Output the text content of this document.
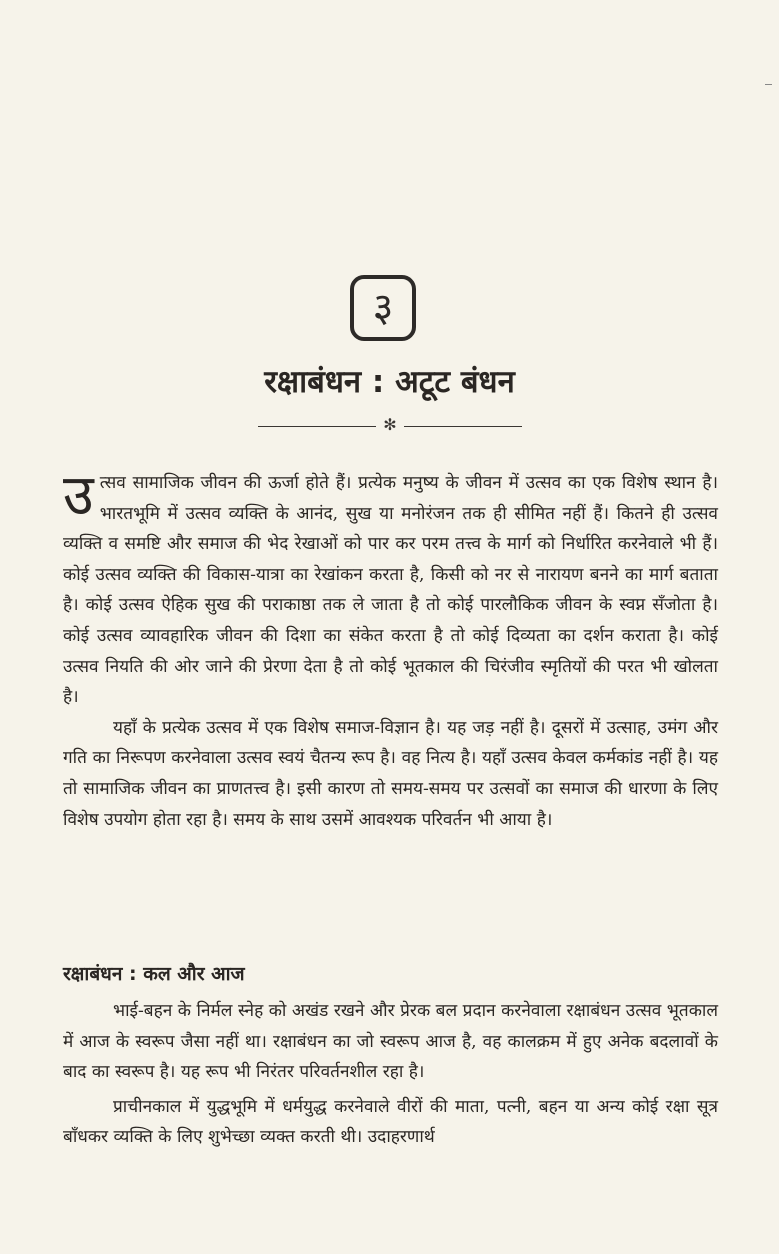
३
रक्षाबंधन : अटूट बंधन
✻

उत्सव सामाजिक जीवन की ऊर्जा होते हैं। प्रत्येक मनुष्य के जीवन में उत्सव का एक विशेष स्थान है। भारतभूमि में उत्सव व्यक्ति के आनंद, सुख या मनोरंजन तक ही सीमित नहीं हैं। कितने ही उत्सव व्यक्ति व समष्टि और समाज की भेद रेखाओं को पार कर परम तत्त्व के मार्ग को निर्धारित करनेवाले भी हैं। कोई उत्सव व्यक्ति की विकास-यात्रा का रेखांकन करता है, किसी को नर से नारायण बनने का मार्ग बताता है। कोई उत्सव ऐहिक सुख की पराकाष्ठा तक ले जाता है तो कोई पारलौकिक जीवन के स्वप्न सँजोता है। कोई उत्सव व्यावहारिक जीवन की दिशा का संकेत करता है तो कोई दिव्यता का दर्शन कराता है। कोई उत्सव नियति की ओर जाने की प्रेरणा देता है तो कोई भूतकाल की चिरंजीव स्मृतियों की परत भी खोलता है।

यहाँ के प्रत्येक उत्सव में एक विशेष समाज-विज्ञान है। यह जड़ नहीं है। दूसरों में उत्साह, उमंग और गति का निरूपण करनेवाला उत्सव स्वयं चैतन्य रूप है। वह नित्य है। यहाँ उत्सव केवल कर्मकांड नहीं है। यह तो सामाजिक जीवन का प्राणतत्त्व है। इसी कारण तो समय-समय पर उत्सवों का समाज की धारणा के लिए विशेष उपयोग होता रहा है। समय के साथ उसमें आवश्यक परिवर्तन भी आया है।

रक्षाबंधन : कल और आज

भाई-बहन के निर्मल स्नेह को अखंड रखने और प्रेरक बल प्रदान करनेवाला रक्षाबंधन उत्सव भूतकाल में आज के स्वरूप जैसा नहीं था। रक्षाबंधन का जो स्वरूप आज है, वह कालक्रम में हुए अनेक बदलावों के बाद का स्वरूप है। यह रूप भी निरंतर परिवर्तनशील रहा है।

प्राचीनकाल में युद्धभूमि में धर्मयुद्ध करनेवाले वीरों की माता, पत्नी, बहन या अन्य कोई रक्षा सूत्र बाँधकर व्यक्ति के लिए शुभेच्छा व्यक्त करती थी। उदाहरणार्थ
